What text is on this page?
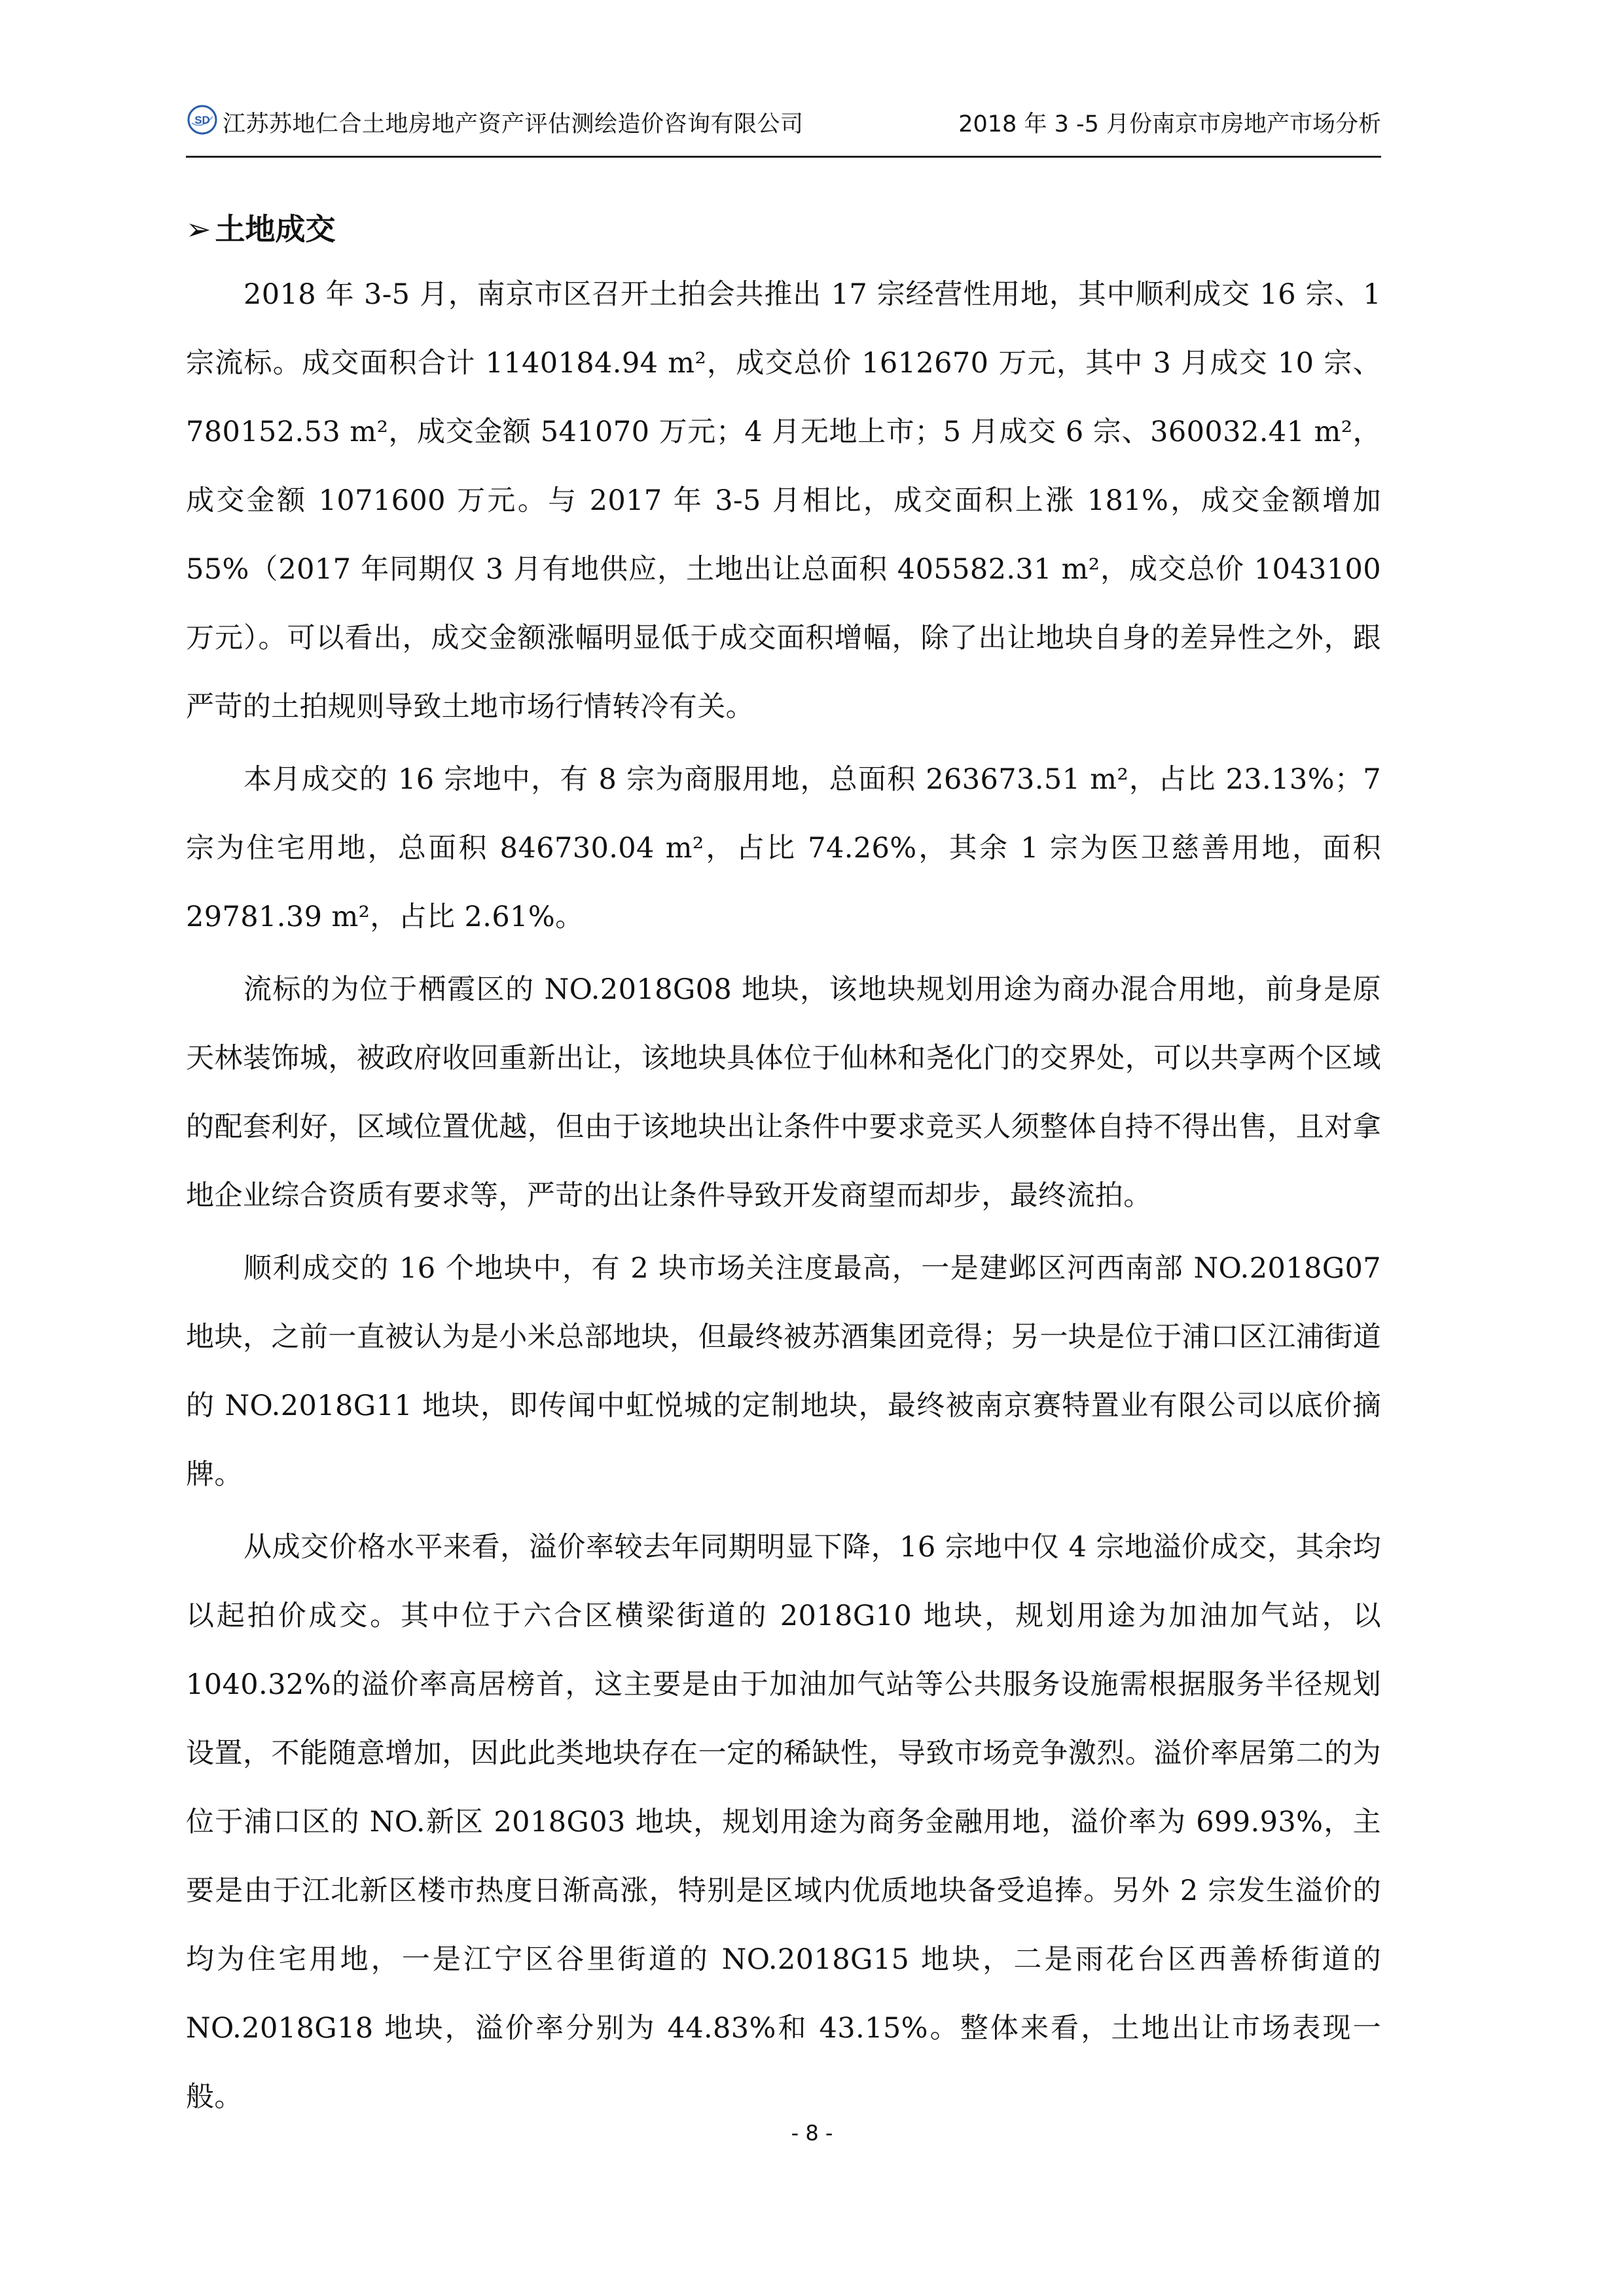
SD 江苏苏地仁合土地房地产资产评估测绘造价咨询有限公司	2018 年 3 -5 月份南京市房地产市场分析
➢ 土地成交

2018 年 3-5 月，南京市区召开土拍会共推出 17 宗经营性用地，其中顺利成交 16 宗、1 宗流标。成交面积合计 1140184.94 m²，成交总价 1612670 万元，其中 3 月成交 10 宗、780152.53 m²，成交金额 541070 万元；4 月无地上市；5 月成交 6 宗、360032.41 m²，成交金额 1071600 万元。与 2017 年 3-5 月相比，成交面积上涨 181%，成交金额增加 55%（2017 年同期仅 3 月有地供应，土地出让总面积 405582.31 m²，成交总价 1043100 万元）。可以看出，成交金额涨幅明显低于成交面积增幅，除了出让地块自身的差异性之外，跟严苛的土拍规则导致土地市场行情转冷有关。

本月成交的 16 宗地中，有 8 宗为商服用地，总面积 263673.51 m²，占比 23.13%；7 宗为住宅用地，总面积 846730.04 m²，占比 74.26%，其余 1 宗为医卫慈善用地，面积 29781.39 m²，占比 2.61%。

流标的为位于栖霞区的 NO.2018G08 地块，该地块规划用途为商办混合用地，前身是原天林装饰城，被政府收回重新出让，该地块具体位于仙林和尧化门的交界处，可以共享两个区域的配套利好，区域位置优越，但由于该地块出让条件中要求竞买人须整体自持不得出售，且对拿地企业综合资质有要求等，严苛的出让条件导致开发商望而却步，最终流拍。

顺利成交的 16 个地块中，有 2 块市场关注度最高，一是建邺区河西南部 NO.2018G07 地块，之前一直被认为是小米总部地块，但最终被苏酒集团竞得；另一块是位于浦口区江浦街道的 NO.2018G11 地块，即传闻中虹悦城的定制地块，最终被南京赛特置业有限公司以底价摘牌。

从成交价格水平来看，溢价率较去年同期明显下降，16 宗地中仅 4 宗地溢价成交，其余均以起拍价成交。其中位于六合区横梁街道的 2018G10 地块，规划用途为加油加气站，以 1040.32%的溢价率高居榜首，这主要是由于加油加气站等公共服务设施需根据服务半径规划设置，不能随意增加，因此此类地块存在一定的稀缺性，导致市场竞争激烈。溢价率居第二的为位于浦口区的 NO.新区 2018G03 地块，规划用途为商务金融用地，溢价率为 699.93%，主要是由于江北新区楼市热度日渐高涨，特别是区域内优质地块备受追捧。另外 2 宗发生溢价的均为住宅用地，一是江宁区谷里街道的 NO.2018G15 地块，二是雨花台区西善桥街道的 NO.2018G18 地块，溢价率分别为 44.83%和 43.15%。整体来看，土地出让市场表现一般。

- 8 -
